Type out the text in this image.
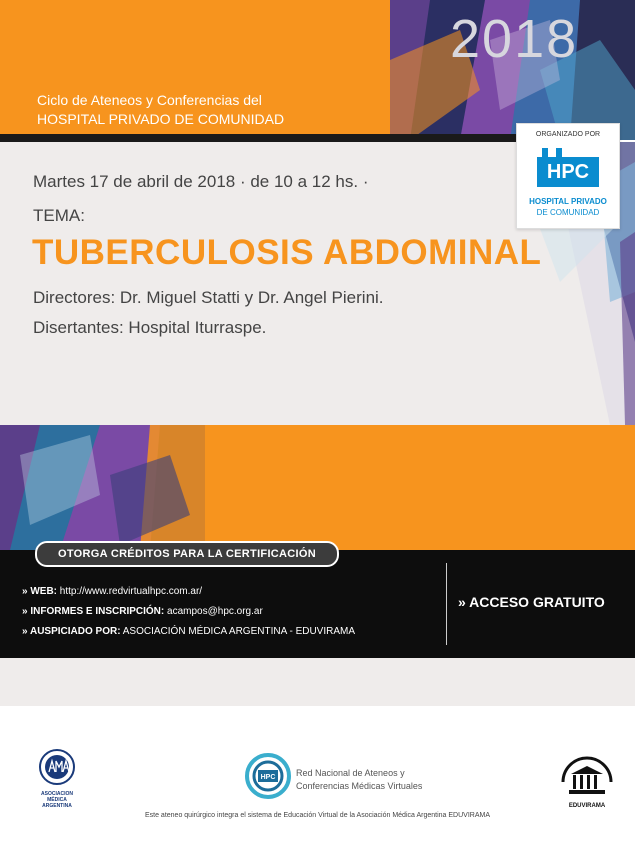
2018
Ciclo de Ateneos y Conferencias del
HOSPITAL PRIVADO DE COMUNIDAD
Martes 17 de abril de 2018 · de 10 a 12 hs. ·
TEMA:
TUBERCULOSIS ABDOMINAL
Directores: Dr. Miguel Statti y Dr. Angel Pierini.
Disertantes: Hospital Iturraspe.
ORGANIZADO POR
HPC
HOSPITAL PRIVADO
DE COMUNIDAD
OTORGA CRÉDITOS PARA LA CERTIFICACIÓN
» WEB: http://www.redvirtualhpc.com.ar/
» INFORMES E INSCRIPCIÓN: acampos@hpc.org.ar
» AUSPICIADO POR: ASOCIACIÓN MÉDICA ARGENTINA - EDUVIRAMA
» ACCESO GRATUITO
ASOCIACION
MÉDICA
ARGENTINA
HPC Red Nacional de Ateneos y
Conferencias Médicas Virtuales
EDUVIRAMA
Este ateneo quirúrgico integra el sistema de Educación Virtual de la Asociación Médica Argentina EDUVIRAMA
